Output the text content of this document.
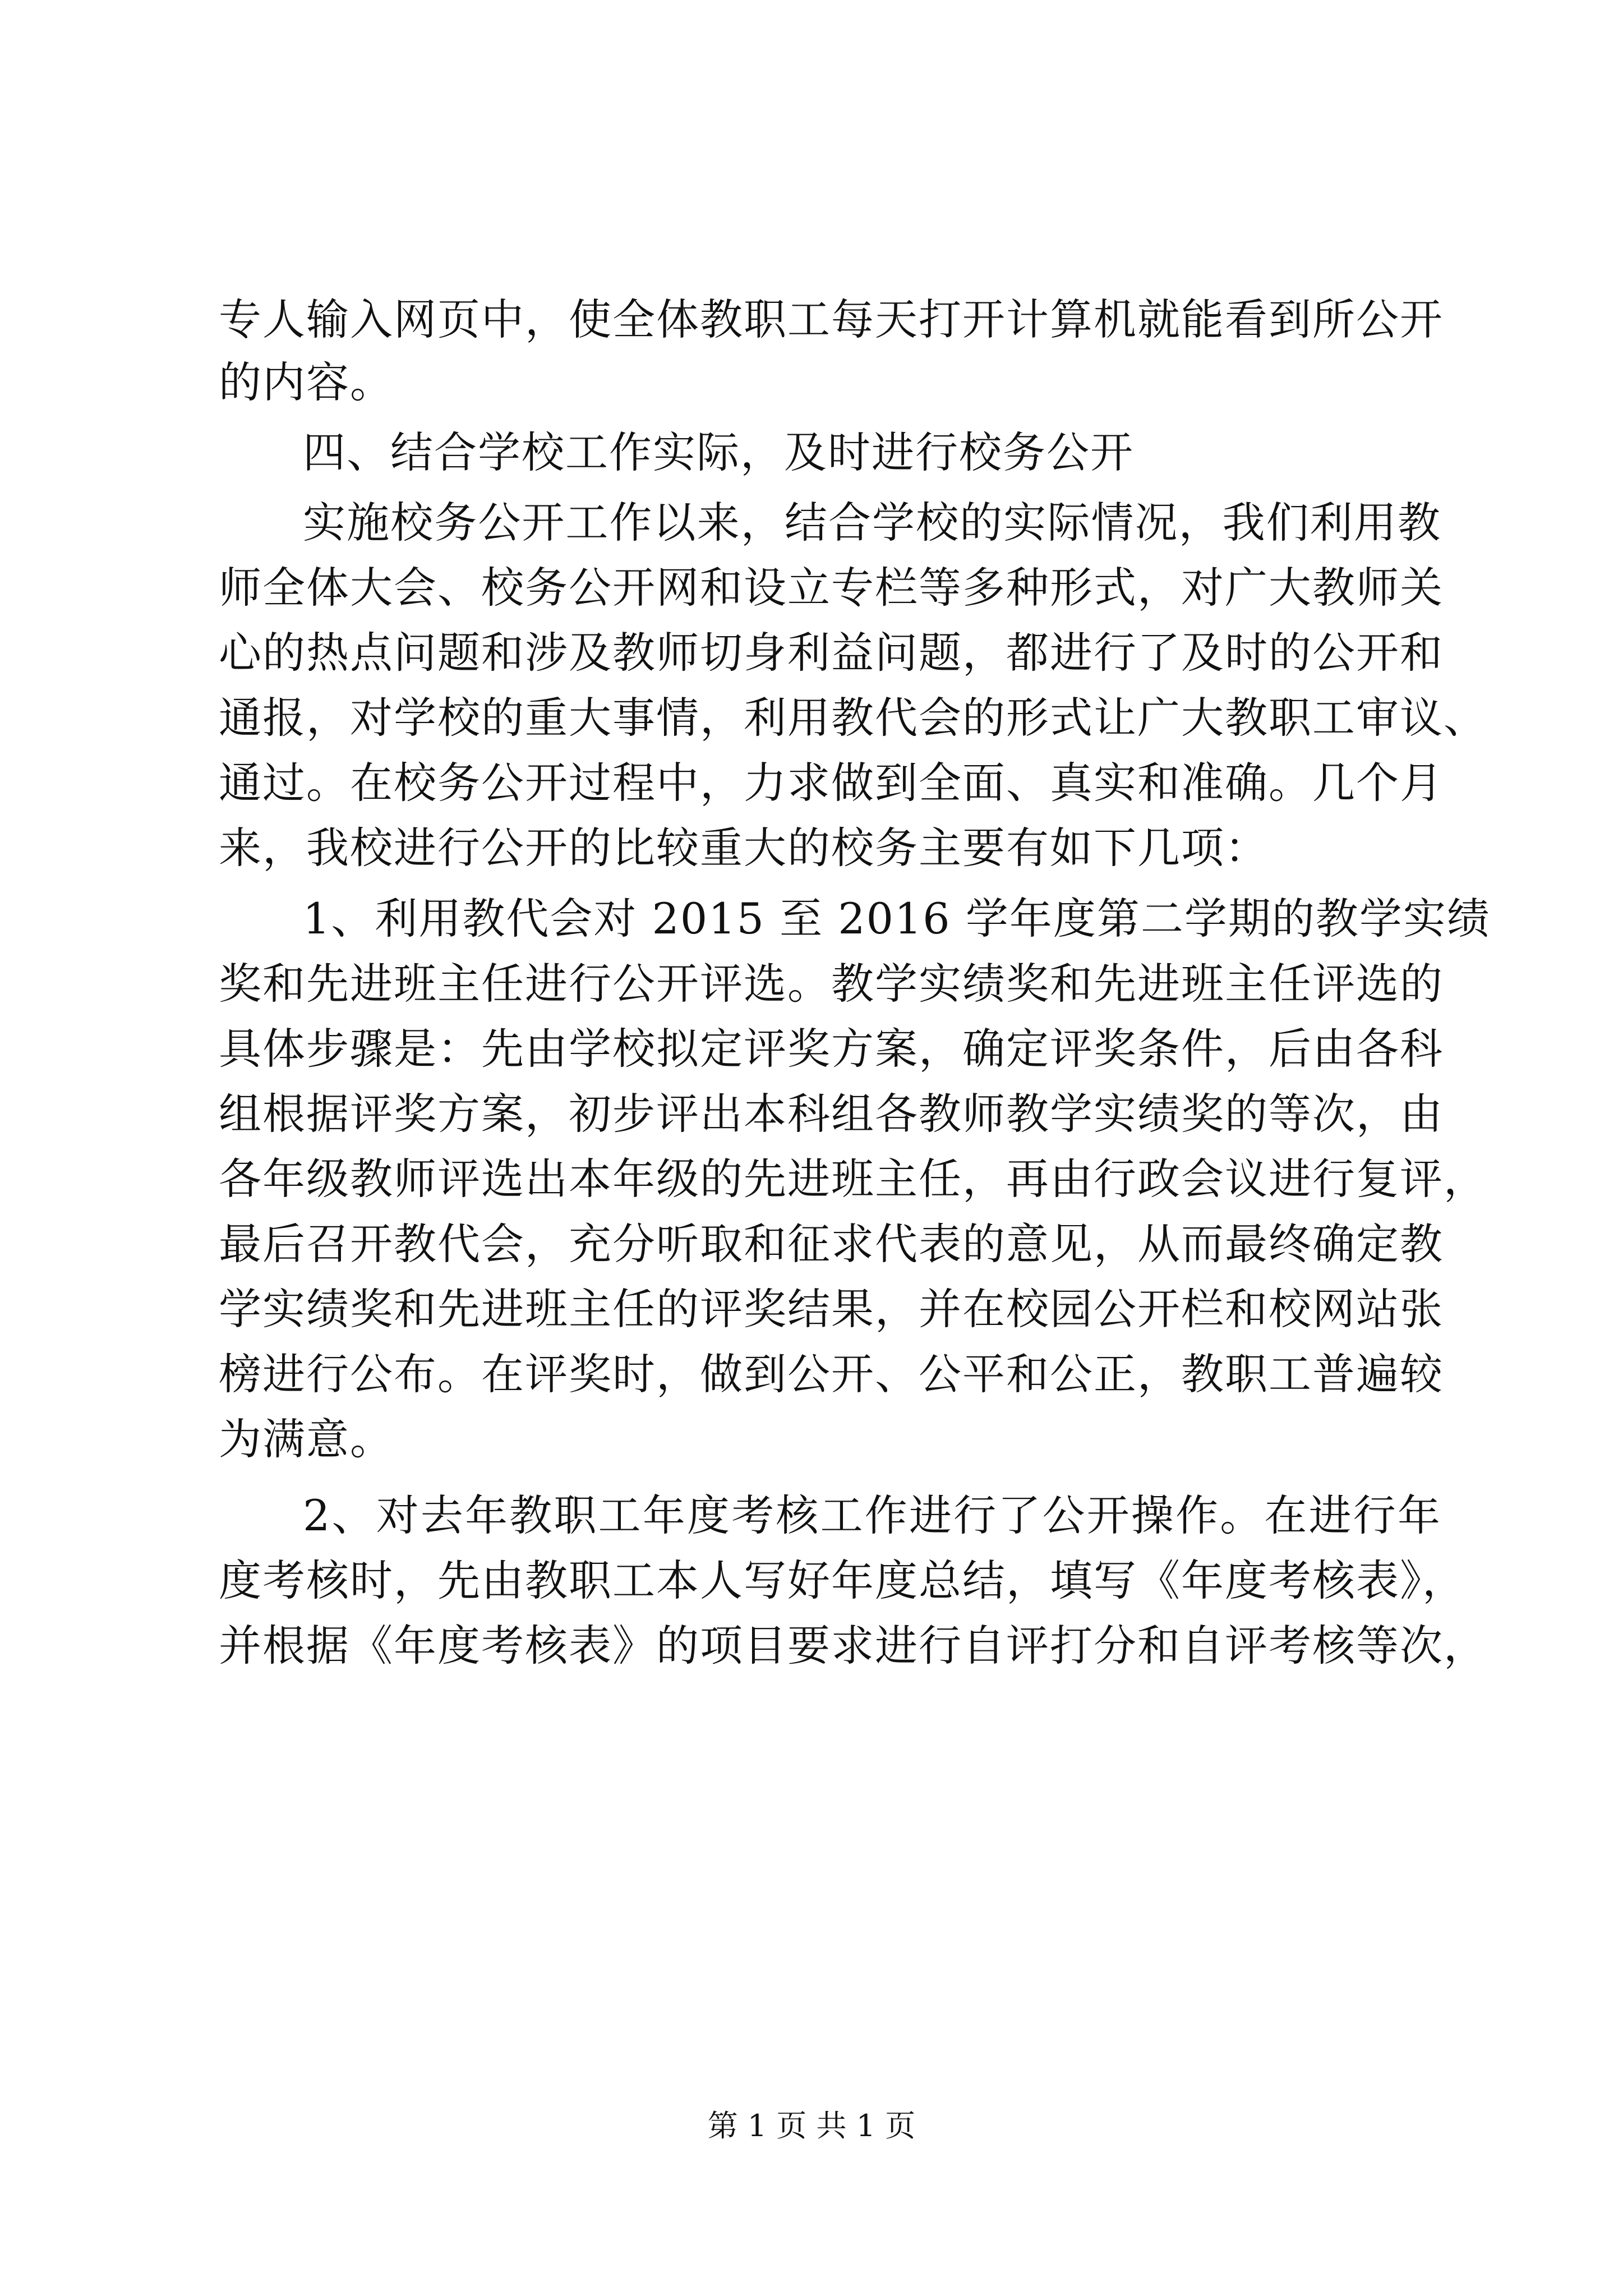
专人输入网页中，使全体教职工每天打开计算机就能看到所公开
的内容。
四、结合学校工作实际，及时进行校务公开
实施校务公开工作以来，结合学校的实际情况，我们利用教
师全体大会、校务公开网和设立专栏等多种形式，对广大教师关
心的热点问题和涉及教师切身利益问题，都进行了及时的公开和
通报，对学校的重大事情，利用教代会的形式让广大教职工审议、
通过。在校务公开过程中，力求做到全面、真实和准确。几个月
来，我校进行公开的比较重大的校务主要有如下几项：
1、利用教代会对 2015 至 2016 学年度第二学期的教学实绩
奖和先进班主任进行公开评选。教学实绩奖和先进班主任评选的
具体步骤是：先由学校拟定评奖方案，确定评奖条件，后由各科
组根据评奖方案，初步评出本科组各教师教学实绩奖的等次，由
各年级教师评选出本年级的先进班主任，再由行政会议进行复评，
最后召开教代会，充分听取和征求代表的意见，从而最终确定教
学实绩奖和先进班主任的评奖结果，并在校园公开栏和校网站张
榜进行公布。在评奖时，做到公开、公平和公正，教职工普遍较
为满意。
2、对去年教职工年度考核工作进行了公开操作。在进行年
度考核时，先由教职工本人写好年度总结，填写《年度考核表》，
并根据《年度考核表》的项目要求进行自评打分和自评考核等次，
第 1 页 共 1 页
